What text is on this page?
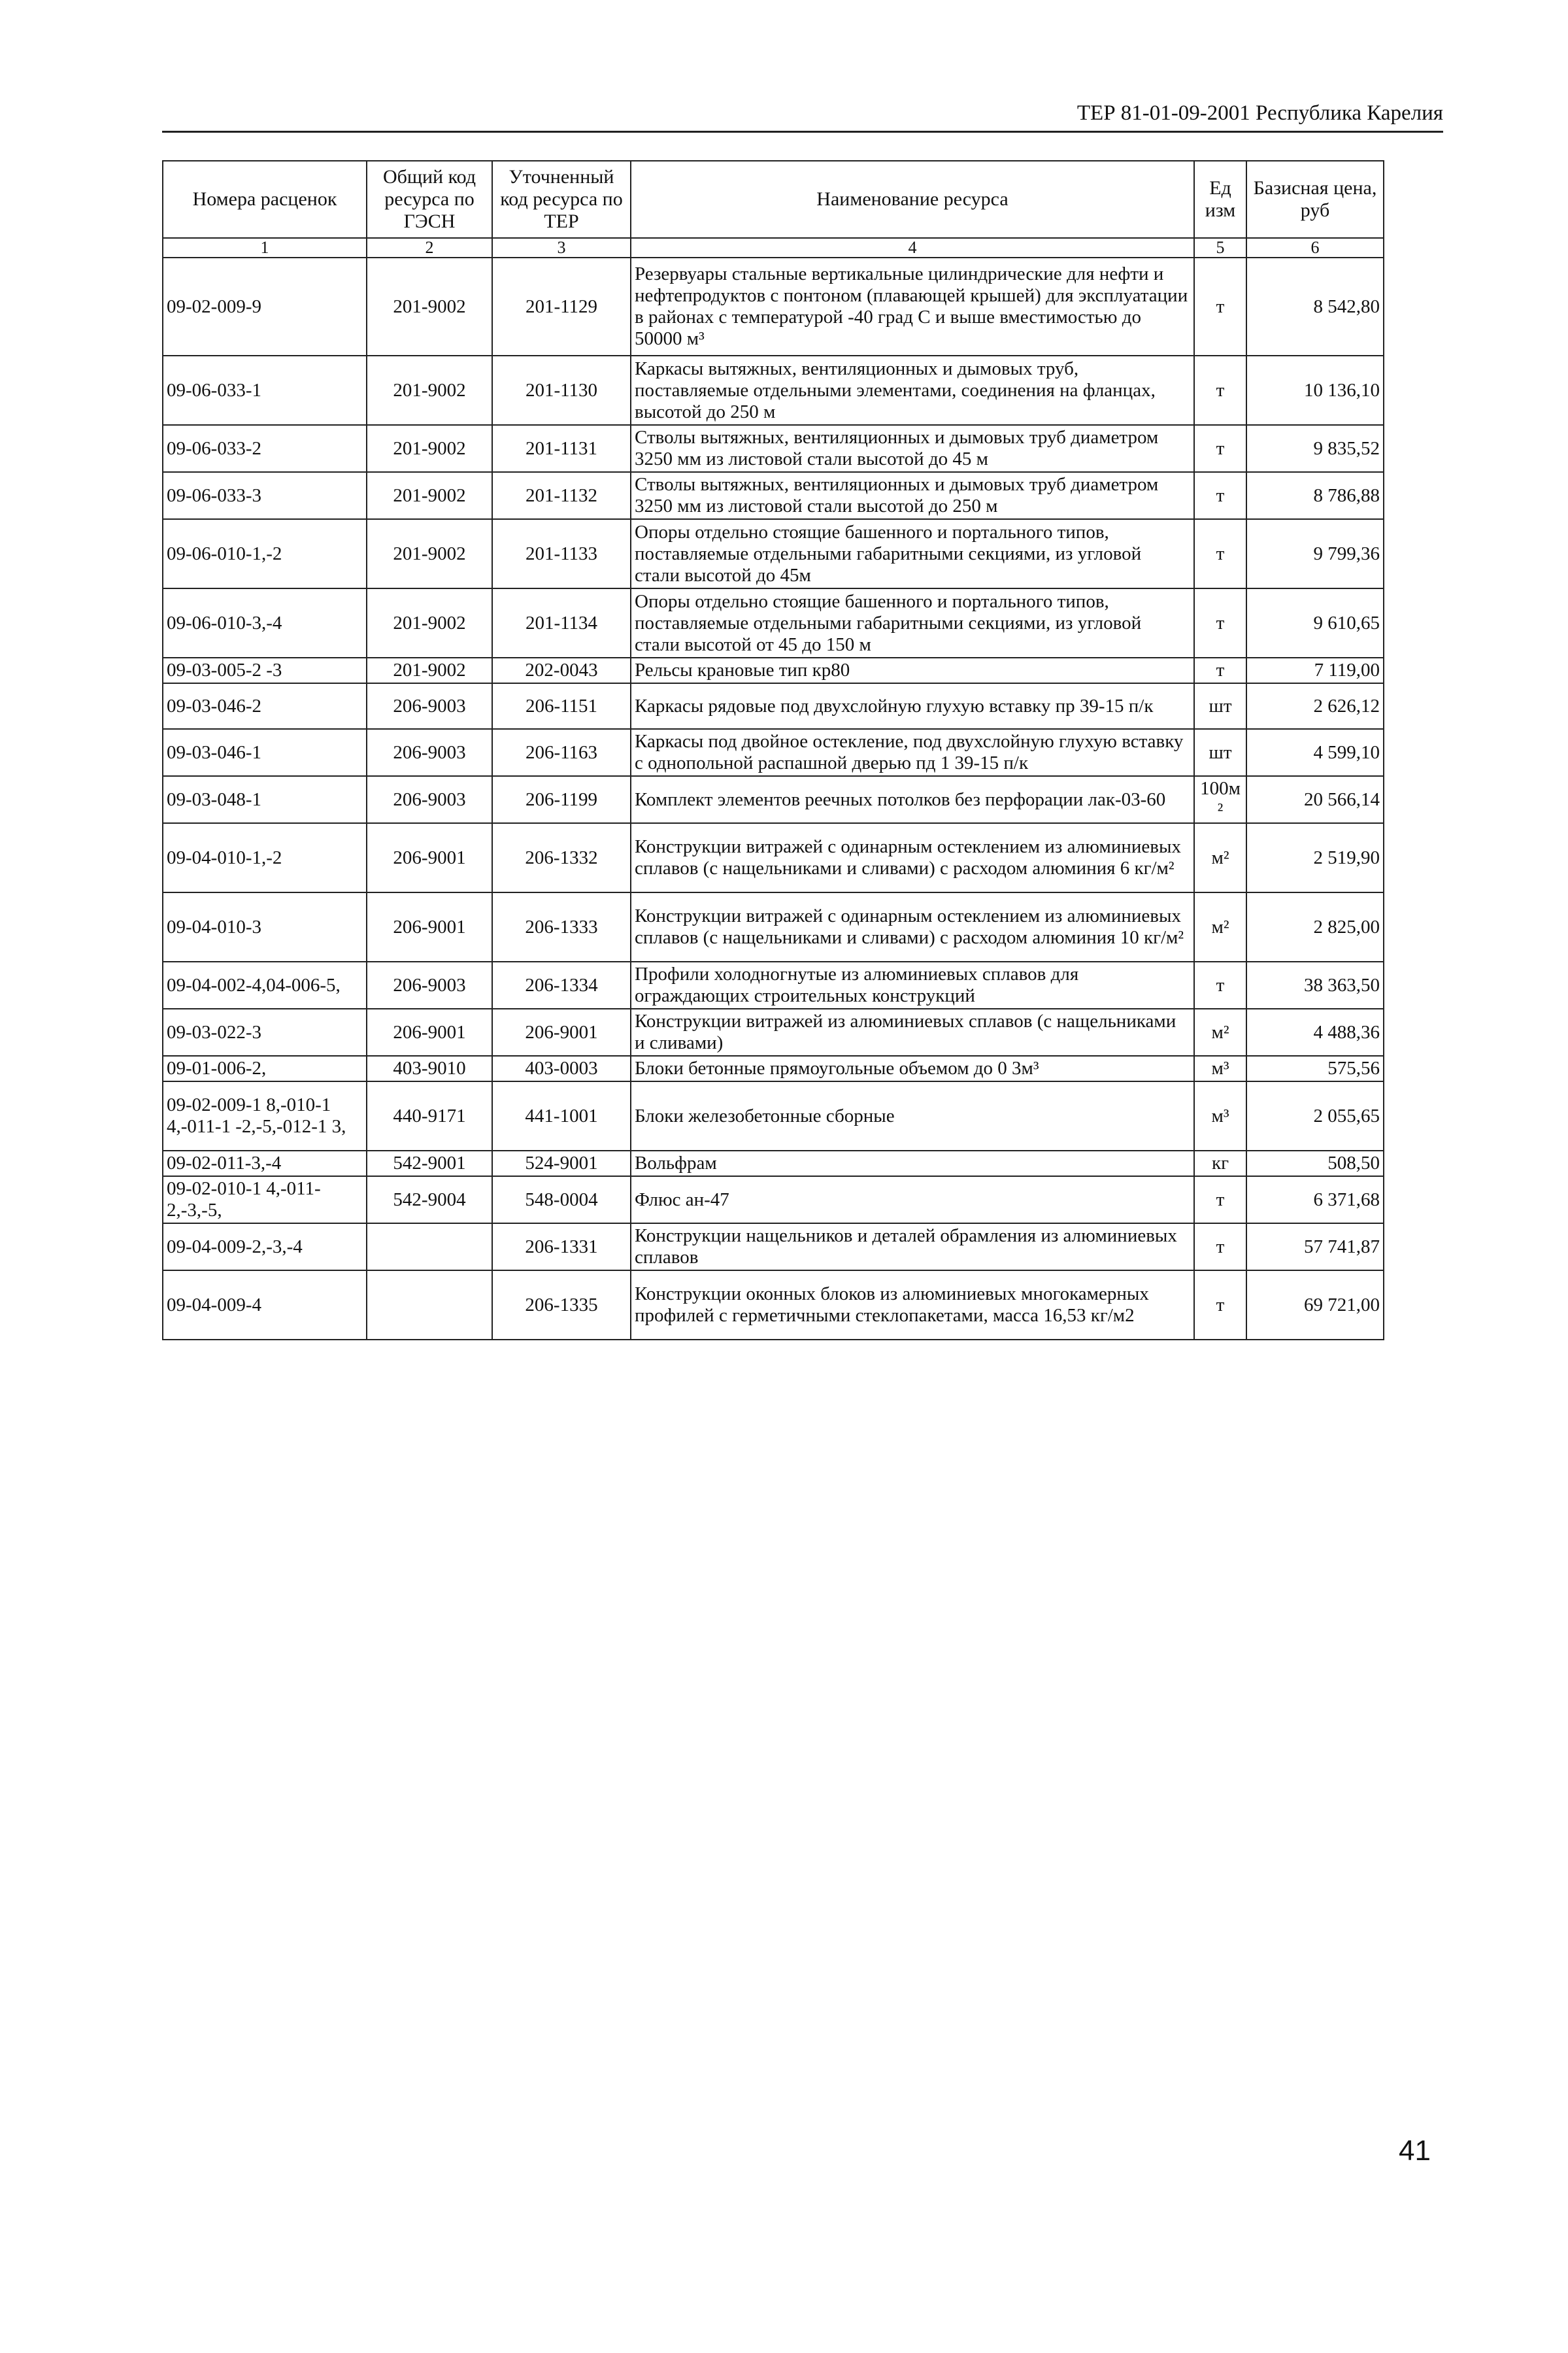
ТЕР 81-01-09-2001 Республика Карелия
Номера расценок	Общий код ресурса по ГЭСН	Уточненный код ресурса по ТЕР	Наименование ресурса	Ед изм	Базисная цена, руб
1	2	3	4	5	6
09-02-009-9	201-9002	201-1129	Резервуары стальные вертикальные цилиндрические для нефти и нефтепродуктов с понтоном (плавающей крышей) для эксплуатации в районах с температурой -40 град С и выше вместимостью до 50000 м³	т	8 542,80
09-06-033-1	201-9002	201-1130	Каркасы вытяжных, вентиляционных и дымовых труб, поставляемые отдельными элементами, соединения на фланцах, высотой до 250 м	т	10 136,10
09-06-033-2	201-9002	201-1131	Стволы вытяжных, вентиляционных и дымовых труб диаметром 3250 мм из листовой стали высотой до 45 м	т	9 835,52
09-06-033-3	201-9002	201-1132	Стволы вытяжных, вентиляционных и дымовых труб диаметром 3250 мм из листовой стали высотой до 250 м	т	8 786,88
09-06-010-1,-2	201-9002	201-1133	Опоры отдельно стоящие башенного и портального типов, поставляемые отдельными габаритными секциями, из угловой стали высотой до 45м	т	9 799,36
09-06-010-3,-4	201-9002	201-1134	Опоры отдельно стоящие башенного и портального типов, поставляемые отдельными габаритными секциями, из угловой стали высотой от 45 до 150 м	т	9 610,65
09-03-005-2 -3	201-9002	202-0043	Рельсы крановые тип кр80	т	7 119,00
09-03-046-2	206-9003	206-1151	Каркасы рядовые под двухслойную глухую вставку пр 39-15 п/к	шт	2 626,12
09-03-046-1	206-9003	206-1163	Каркасы под двойное остекление, под двухслойную глухую вставку с однопольной распашной дверью пд 1 39-15 п/к	шт	4 599,10
09-03-048-1	206-9003	206-1199	Комплект элементов реечных потолков без перфорации лак-03-60	100м²	20 566,14
09-04-010-1,-2	206-9001	206-1332	Конструкции витражей с одинарным остеклением из алюминиевых сплавов (с нащельниками и сливами) с расходом алюминия 6 кг/м²	м²	2 519,90
09-04-010-3	206-9001	206-1333	Конструкции витражей с одинарным остеклением из алюминиевых сплавов (с нащельниками и сливами) с расходом алюминия 10 кг/м²	м²	2 825,00
09-04-002-4,04-006-5,	206-9003	206-1334	Профили холодногнутые из алюминиевых сплавов для ограждающих строительных конструкций	т	38 363,50
09-03-022-3	206-9001	206-9001	Конструкции витражей из алюминиевых сплавов (с нащельниками и сливами)	м²	4 488,36
09-01-006-2,	403-9010	403-0003	Блоки бетонные прямоугольные объемом до 0 3м³	м³	575,56
09-02-009-1 8,-010-1 4,-011-1 -2,-5,-012-1 3,	440-9171	441-1001	Блоки железобетонные сборные	м³	2 055,65
09-02-011-3,-4	542-9001	524-9001	Вольфрам	кг	508,50
09-02-010-1 4,-011-2,-3,-5,	542-9004	548-0004	Флюс ан-47	т	6 371,68
09-04-009-2,-3,-4		206-1331	Конструкции нащельников и деталей обрамления из алюминиевых сплавов	т	57 741,87
09-04-009-4		206-1335	Конструкции оконных блоков из алюминиевых многокамерных профилей с герметичными стеклопакетами, масса 16,53 кг/м2	т	69 721,00
41
